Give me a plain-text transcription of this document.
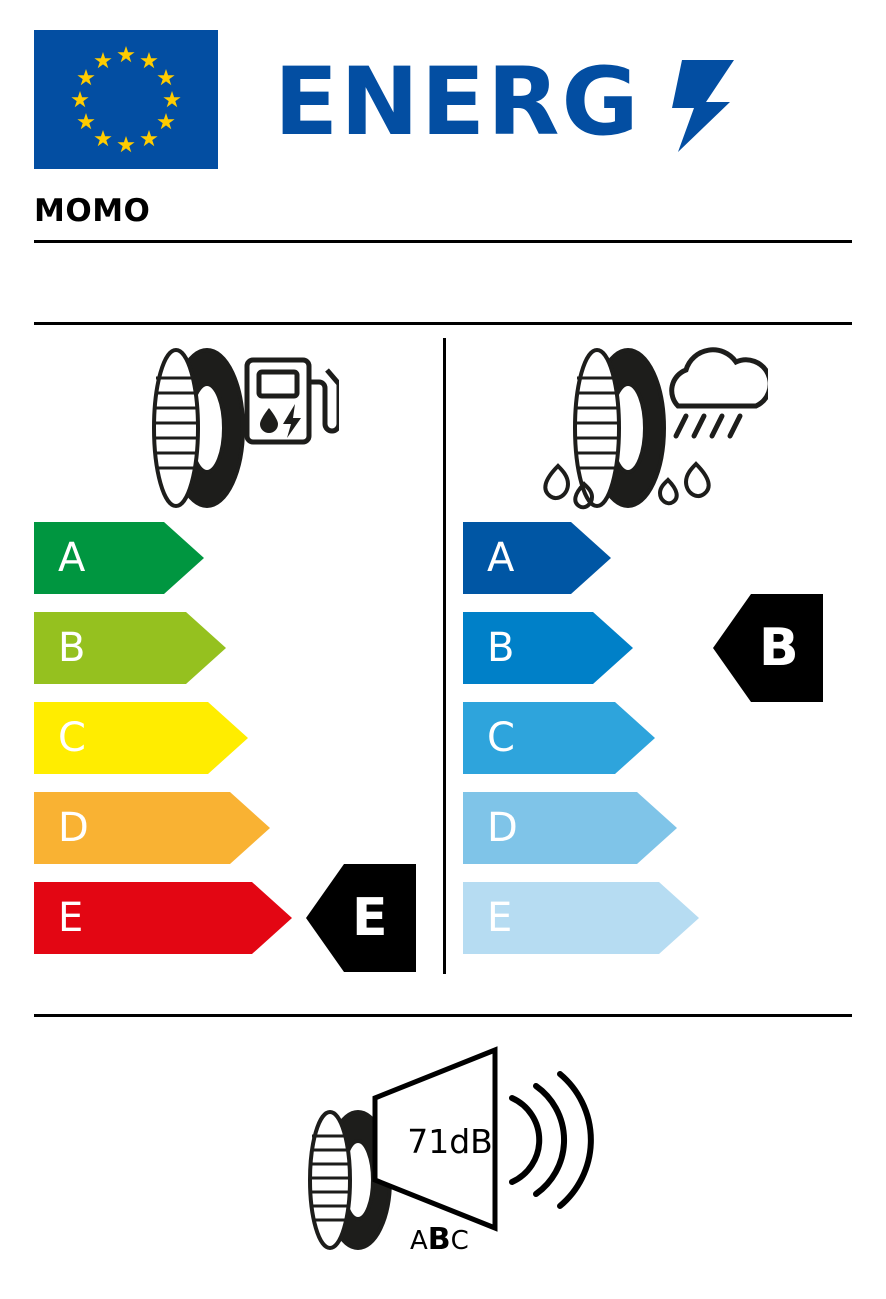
ENERG
MOMO
A
B
C
D
E	E
A
B
C
D
E
B
71dB
ABC
